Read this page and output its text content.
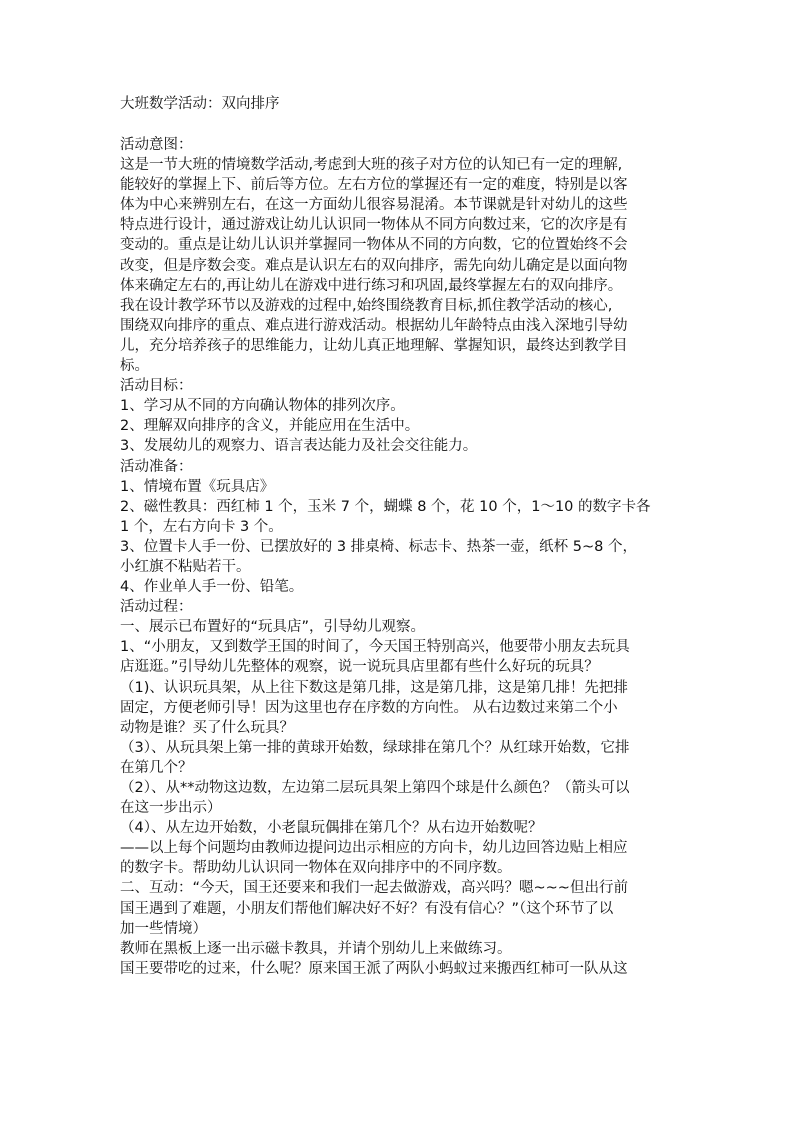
大班数学活动：双向排序
活动意图：
这是一节大班的情境数学活动,考虑到大班的孩子对方位的认知已有一定的理解,
能较好的掌握上下、前后等方位。左右方位的掌握还有一定的难度，特别是以客
体为中心来辨别左右，在这一方面幼儿很容易混淆。本节课就是针对幼儿的这些
特点进行设计，通过游戏让幼儿认识同一物体从不同方向数过来，它的次序是有
变动的。重点是让幼儿认识并掌握同一物体从不同的方向数，它的位置始终不会
改变，但是序数会变。难点是认识左右的双向排序，需先向幼儿确定是以面向物
体来确定左右的,再让幼儿在游戏中进行练习和巩固,最终掌握左右的双向排序。
我在设计教学环节以及游戏的过程中,始终围绕教育目标,抓住教学活动的核心,
围绕双向排序的重点、难点进行游戏活动。根据幼儿年龄特点由浅入深地引导幼
儿，充分培养孩子的思维能力，让幼儿真正地理解、掌握知识，最终达到教学目
标。
活动目标：
1、学习从不同的方向确认物体的排列次序。
2、理解双向排序的含义，并能应用在生活中。
3、发展幼儿的观察力、语言表达能力及社会交往能力。
活动准备：
1、情境布置《玩具店》
2、磁性教具：西红柿 1 个，玉米 7 个，蝴蝶 8 个，花 10 个，1～10 的数字卡各
1 个，左右方向卡 3 个。
3、位置卡人手一份、已摆放好的 3 排桌椅、标志卡、热茶一壶，纸杯 5~8 个，
小红旗不粘贴若干。
4、作业单人手一份、铅笔。
活动过程：
一、展示已布置好的“玩具店”，引导幼儿观察。
1、“小朋友，又到数学王国的时间了，今天国王特别高兴，他要带小朋友去玩具
店逛逛。”引导幼儿先整体的观察，说一说玩具店里都有些什么好玩的玩具？
（1)、认识玩具架，从上往下数这是第几排，这是第几排，这是第几排！先把排
固定，方便老师引导！因为这里也存在序数的方向性。 从右边数过来第二个小
动物是谁？买了什么玩具？
（3）、从玩具架上第一排的黄球开始数，绿球排在第几个？从红球开始数，它排
在第几个？
（2）、从**动物这边数，左边第二层玩具架上第四个球是什么颜色？（箭头可以
在这一步出示）
（4）、从左边开始数，小老鼠玩偶排在第几个？从右边开始数呢？
——以上每个问题均由教师边提问边出示相应的方向卡，幼儿边回答边贴上相应
的数字卡。帮助幼儿认识同一物体在双向排序中的不同序数。
二、互动：“今天，国王还要来和我们一起去做游戏，高兴吗？嗯~~~但出行前
国王遇到了难题，小朋友们帮他们解决好不好？有没有信心？”（这个环节了以
加一些情境）
教师在黑板上逐一出示磁卡教具，并请个别幼儿上来做练习。
国王要带吃的过来，什么呢？原来国王派了两队小蚂蚁过来搬西红柿可一队从这
